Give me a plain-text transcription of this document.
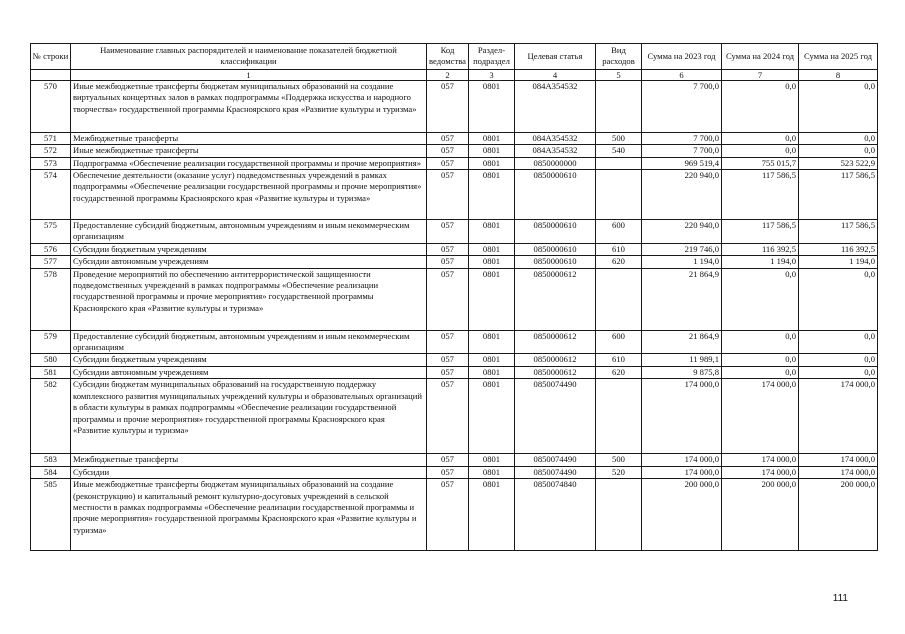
№ строки	Наименование главных распорядителей и наименование показателей бюджетной классификации	Код ведомства	Раздел-подраздел	Целевая статья	Вид расходов	Сумма на 2023 год	Сумма на 2024 год	Сумма на 2025 год
	1	2	3	4	5	6	7	8
570	Иные межбюджетные трансферты бюджетам муниципальных образований на создание виртуальных концертных залов в рамках подпрограммы «Поддержка искусства и народного творчества» государственной программы Красноярского края «Развитие культуры и туризма»	057	0801	084A354532		7 700,0	0,0	0,0
571	Межбюджетные трансферты	057	0801	084A354532	500	7 700,0	0,0	0,0
572	Иные межбюджетные трансферты	057	0801	084A354532	540	7 700,0	0,0	0,0
573	Подпрограмма «Обеспечение реализации государственной программы и прочие мероприятия»	057	0801	0850000000		969 519,4	755 015,7	523 522,9
574	Обеспечение деятельности (оказание услуг) подведомственных учреждений в рамках подпрограммы «Обеспечение реализации государственной программы и прочие мероприятия» государственной программы Красноярского края «Развитие культуры и туризма»	057	0801	0850000610		220 940,0	117 586,5	117 586,5
575	Предоставление субсидий бюджетным, автономным учреждениям и иным некоммерческим организациям	057	0801	0850000610	600	220 940,0	117 586,5	117 586,5
576	Субсидии бюджетным учреждениям	057	0801	0850000610	610	219 746,0	116 392,5	116 392,5
577	Субсидии автономным учреждениям	057	0801	0850000610	620	1 194,0	1 194,0	1 194,0
578	Проведение мероприятий по обеспечению антитеррористической защищенности подведомственных учреждений в рамках подпрограммы «Обеспечение реализации государственной программы и прочие мероприятия» государственной программы Красноярского края «Развитие культуры и туризма»	057	0801	0850000612		21 864,9	0,0	0,0
579	Предоставление субсидий бюджетным, автономным учреждениям и иным некоммерческим организациям	057	0801	0850000612	600	21 864,9	0,0	0,0
580	Субсидии бюджетным учреждениям	057	0801	0850000612	610	11 989,1	0,0	0,0
581	Субсидии автономным учреждениям	057	0801	0850000612	620	9 875,8	0,0	0,0
582	Субсидии бюджетам муниципальных образований на государственную поддержку комплексного развития муниципальных учреждений культуры и образовательных организаций в области культуры в рамках подпрограммы «Обеспечение реализации государственной программы и прочие мероприятия» государственной программы Красноярского края «Развитие культуры и туризма»	057	0801	0850074490		174 000,0	174 000,0	174 000,0
583	Межбюджетные трансферты	057	0801	0850074490	500	174 000,0	174 000,0	174 000,0
584	Субсидии	057	0801	0850074490	520	174 000,0	174 000,0	174 000,0
585	Иные межбюджетные трансферты бюджетам муниципальных образований на создание (реконструкцию) и капитальный ремонт культурно-досуговых учреждений в сельской местности в рамках подпрограммы «Обеспечение реализации государственной программы и прочие мероприятия» государственной программы Красноярского края «Развитие культуры и туризма»	057	0801	0850074840		200 000,0	200 000,0	200 000,0
111
